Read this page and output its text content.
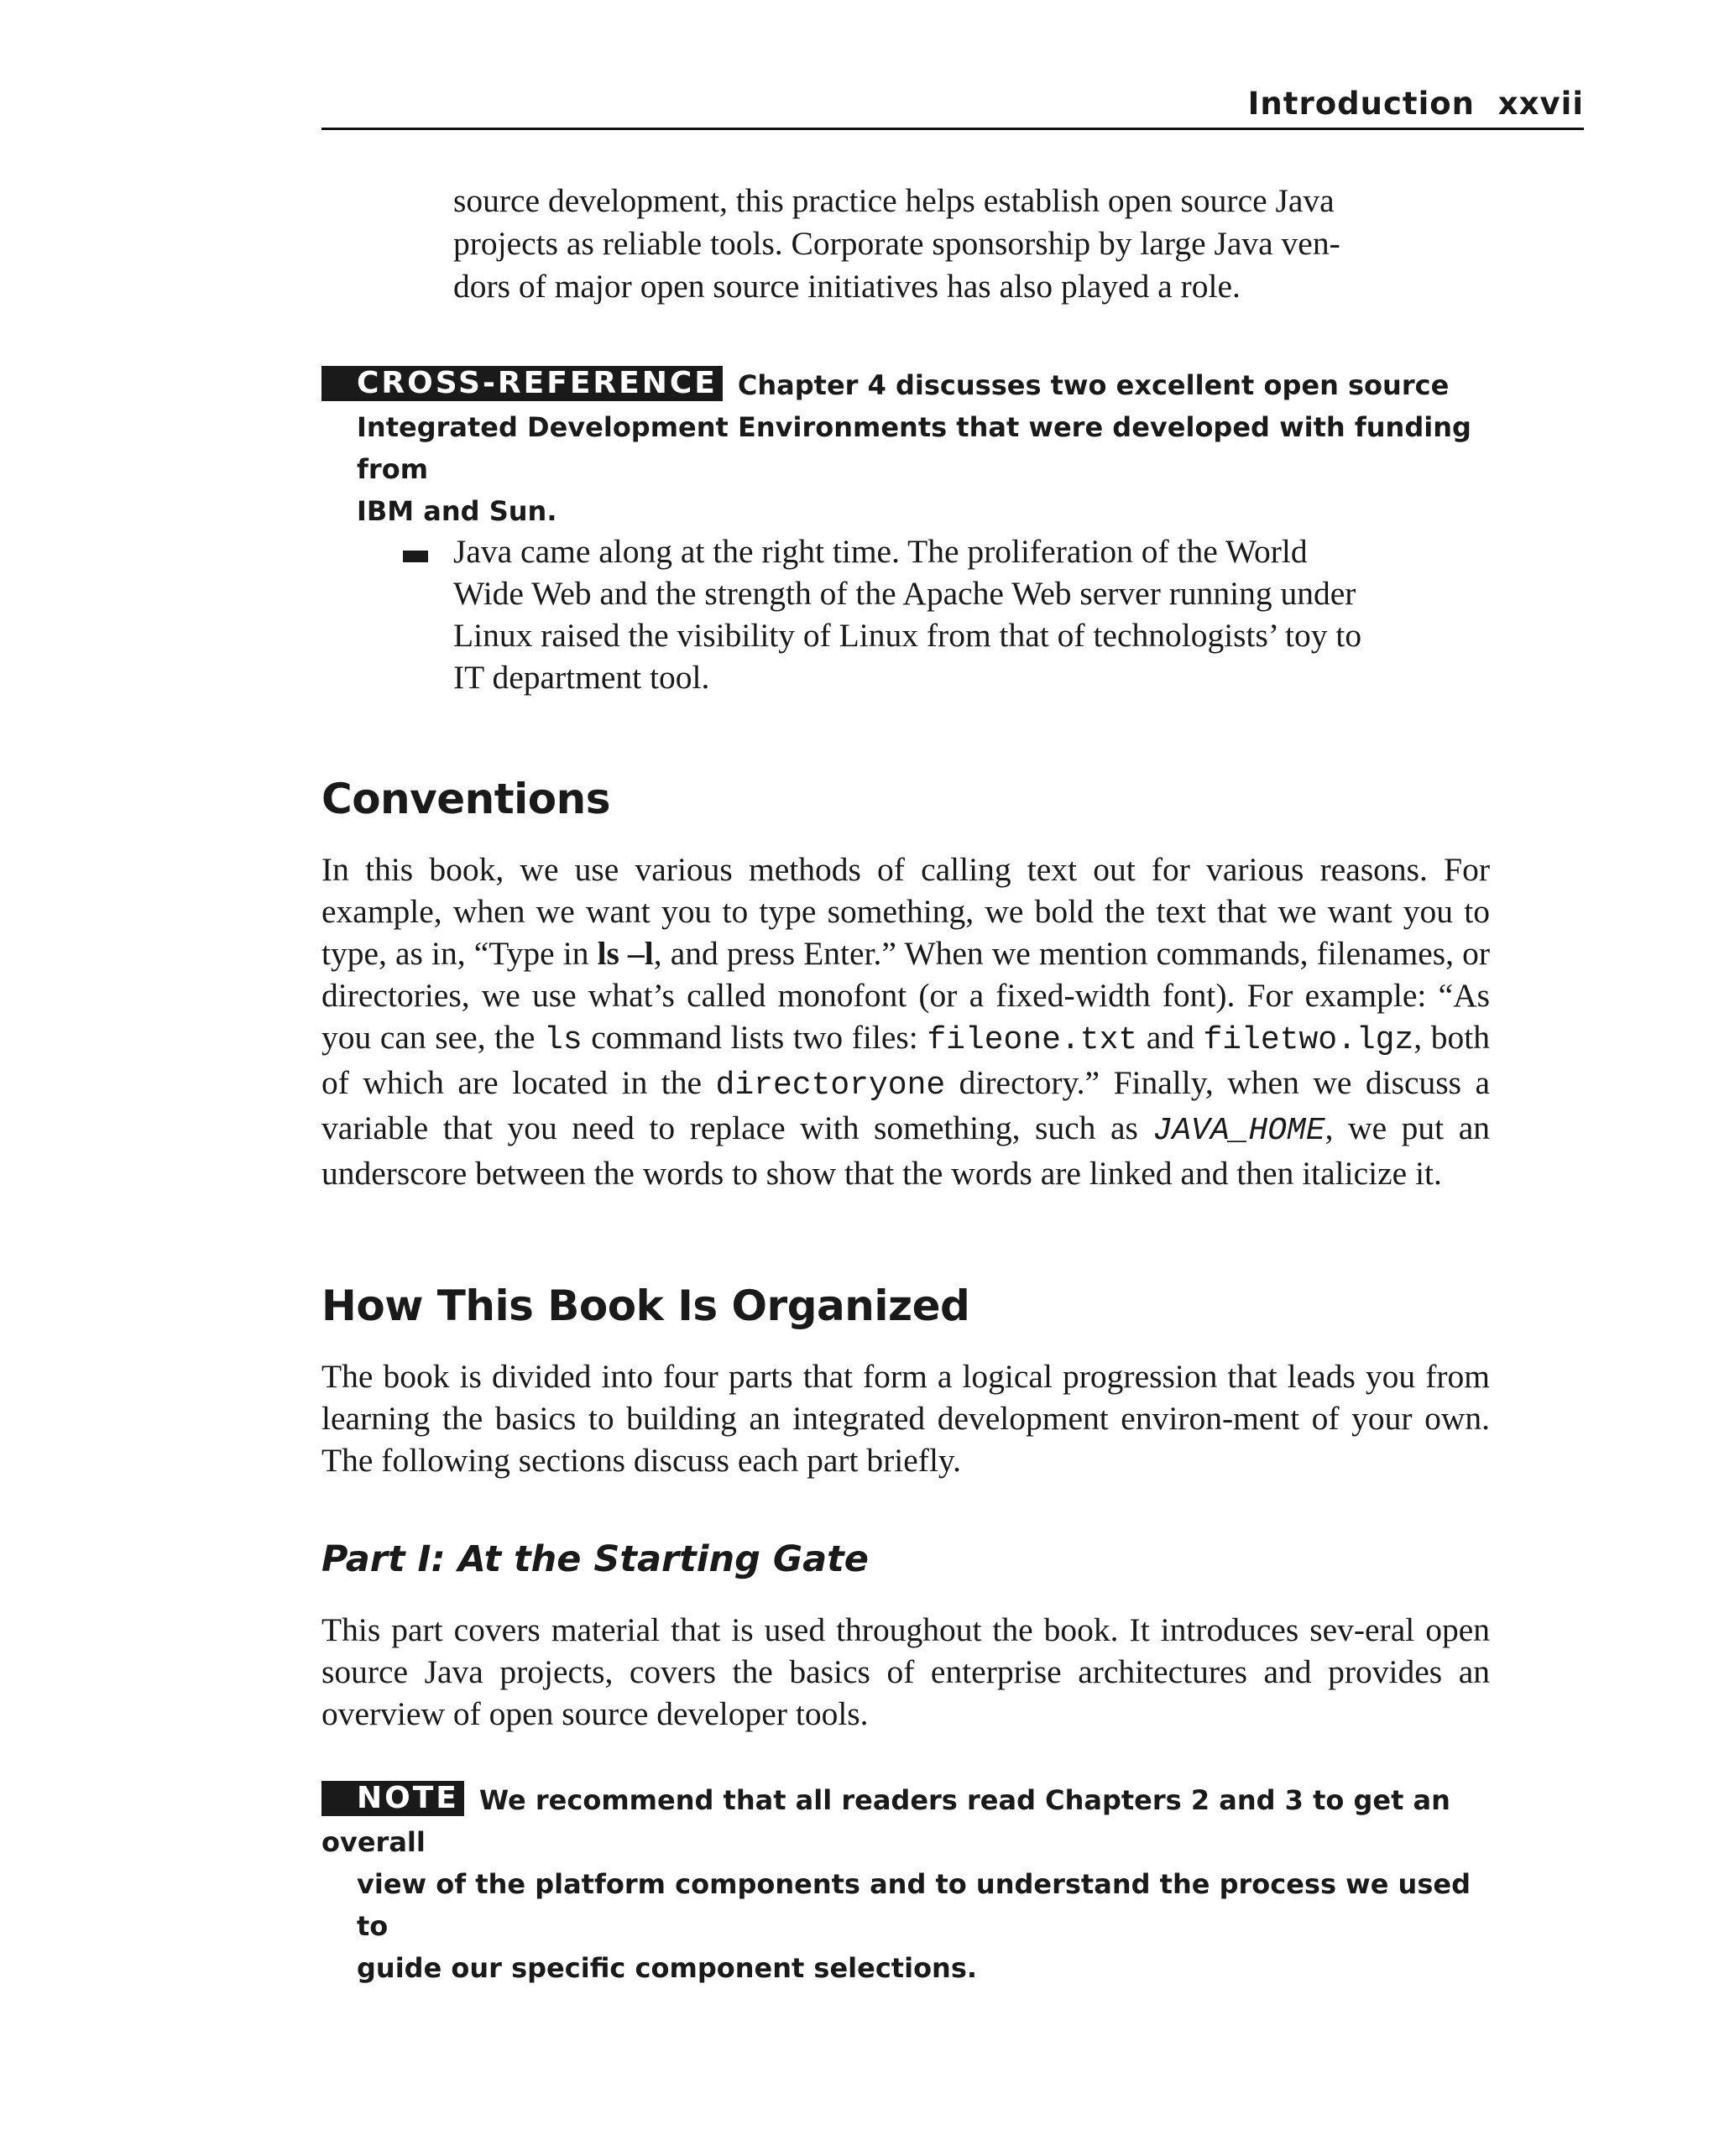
Introduction xxvii
source development, this practice helps establish open source Java
projects as reliable tools. Corporate sponsorship by large Java ven-
dors of major open source initiatives has also played a role.
CROSS-REFERENCE Chapter 4 discusses two excellent open source
Integrated Development Environments that were developed with funding from
IBM and Sun.
Java came along at the right time. The proliferation of the World
Wide Web and the strength of the Apache Web server running under
Linux raised the visibility of Linux from that of technologists’ toy to
IT department tool.
Conventions

In this book, we use various methods of calling text out for various reasons. For example, when we want you to type something, we bold the text that we want you to type, as in, “Type in ls –l, and press Enter.” When we mention commands, filenames, or directories, we use what’s called monofont (or a fixed-width font). For example: “As you can see, the ls command lists two files: fileone.txt and filetwo.lgz, both of which are located in the directoryone directory.” Finally, when we discuss a variable that you need to replace with something, such as JAVA_HOME, we put an underscore between the words to show that the words are linked and then italicize it.

How This Book Is Organized

The book is divided into four parts that form a logical progression that leads you from learning the basics to building an integrated development environ-ment of your own. The following sections discuss each part briefly.

Part I: At the Starting Gate

This part covers material that is used throughout the book. It introduces sev-eral open source Java projects, covers the basics of enterprise architectures and provides an overview of open source developer tools.

NOTE We recommend that all readers read Chapters 2 and 3 to get an overall
view of the platform components and to understand the process we used to
guide our specific component selections.
